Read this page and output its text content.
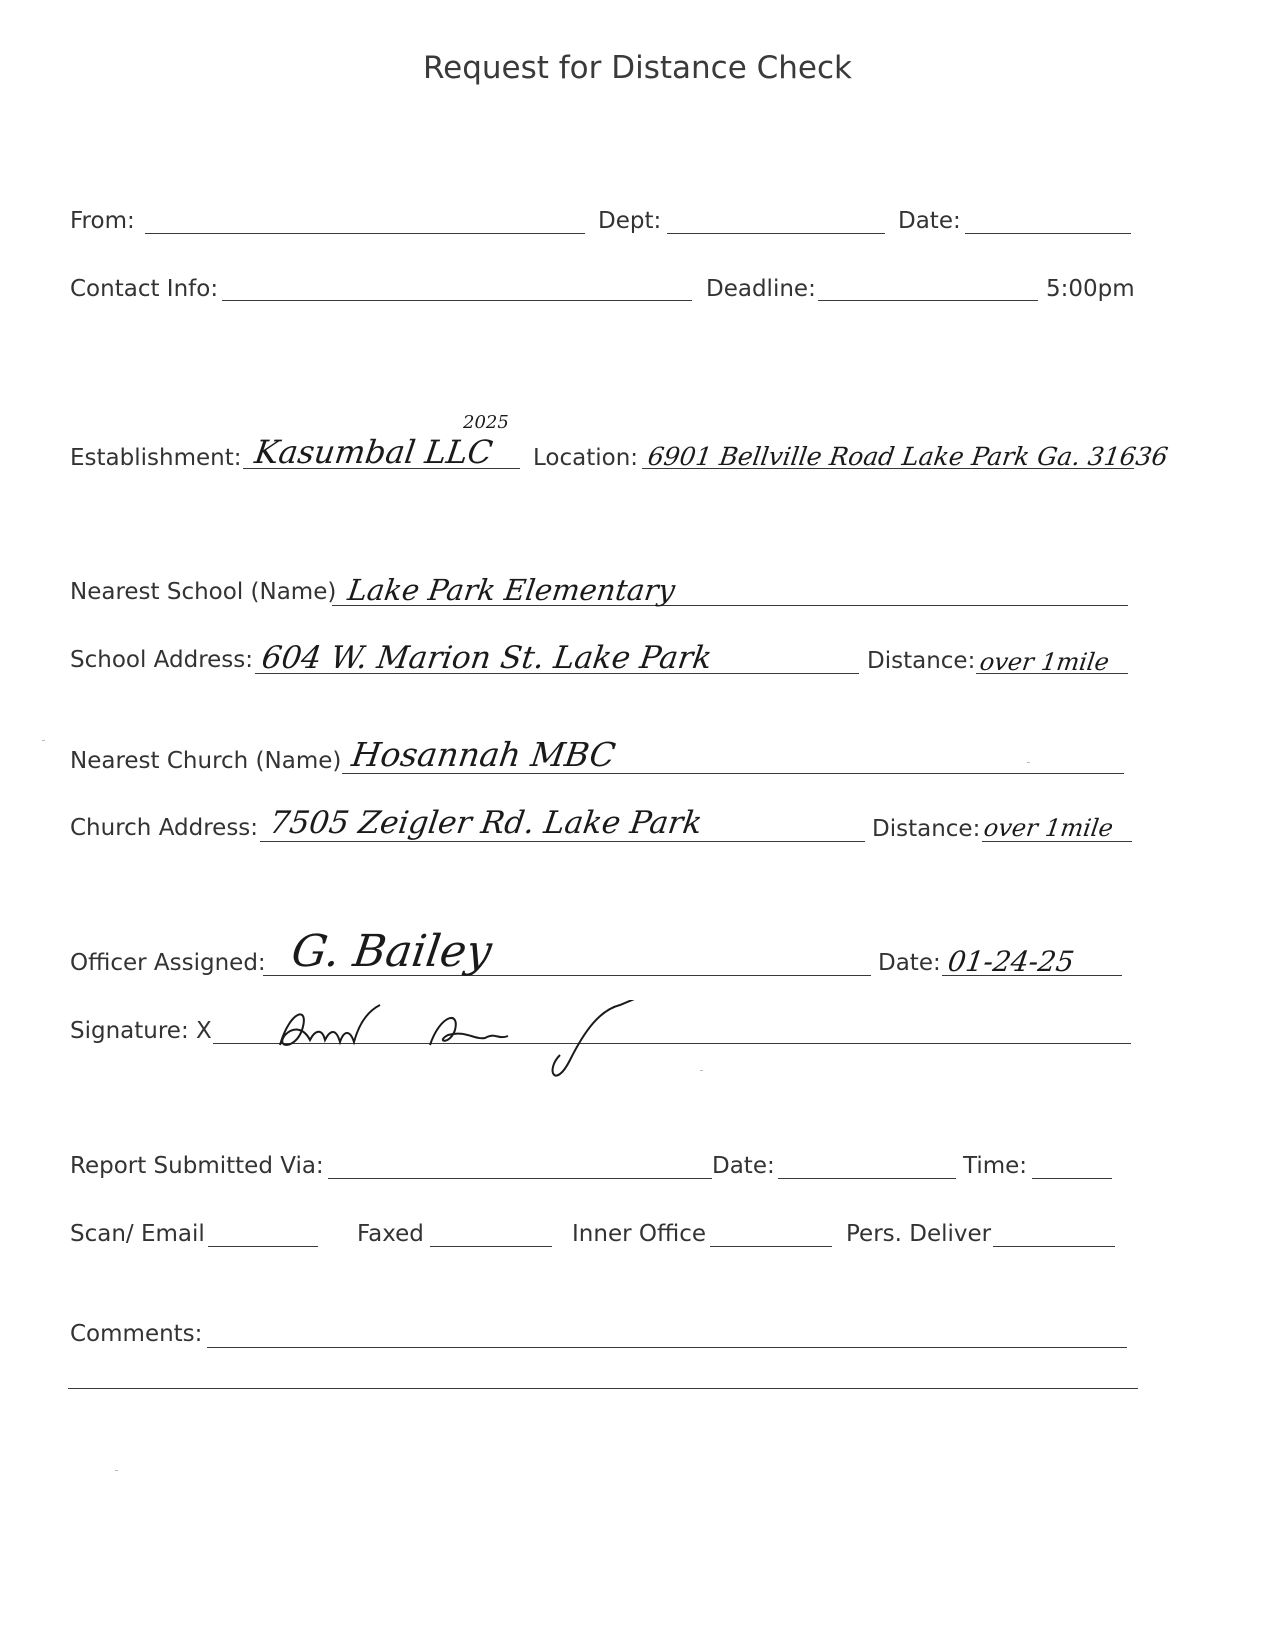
Request for Distance Check
From:	Dept:	Date:
Contact Info:	Deadline:	5:00pm
Establishment: Kasumbal LLC
2025
Location: 6901 Bellville Road Lake Park Ga. 31636
Nearest School (Name) Lake Park Elementary
School Address: 604 W. Marion St. Lake Park	Distance: over 1mile
Nearest Church (Name) Hosannah MBC
Church Address: 7505 Zeigler Rd. Lake Park	Distance: over 1mile
Officer Assigned: G. Bailey	Date: 01-24-25
Signature: X
Report Submitted Via:	Date:	Time:
Scan/ Email	Faxed	Inner Office	Pers. Deliver
Comments:
